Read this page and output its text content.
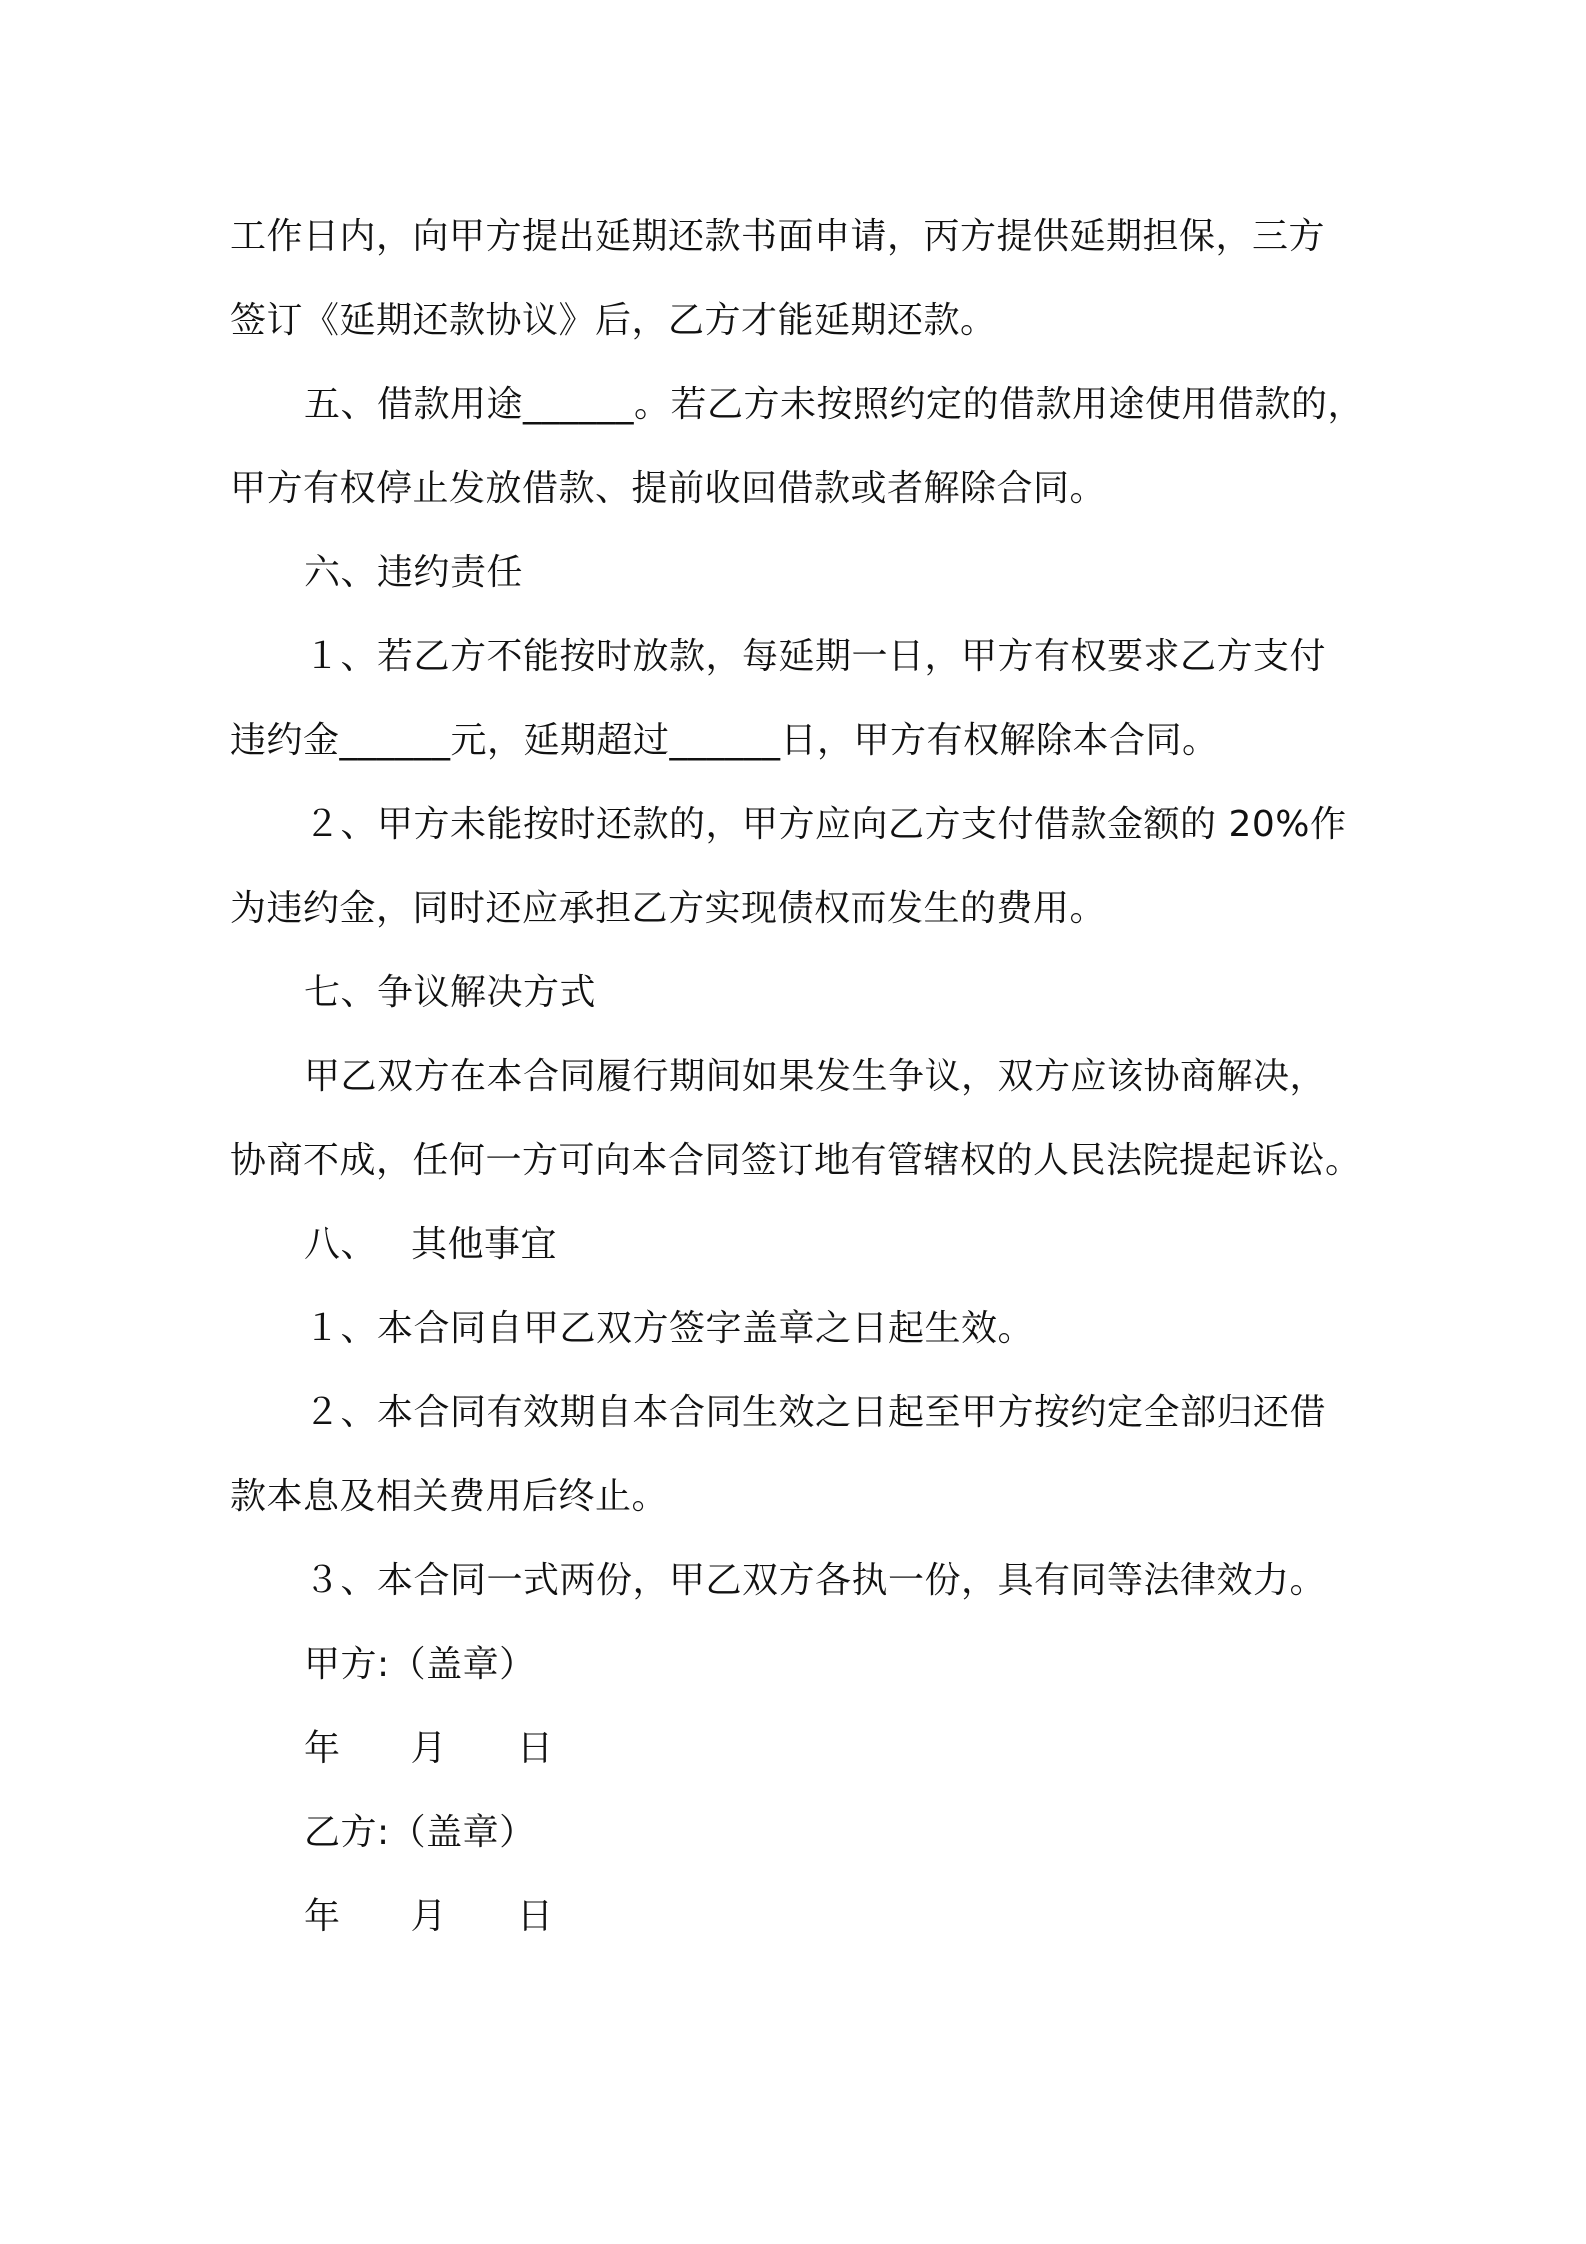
工作日内，向甲方提出延期还款书面申请，丙方提供延期担保，三方
签订《延期还款协议》后，乙方才能延期还款。
五、借款用途______。若乙方未按照约定的借款用途使用借款的，
甲方有权停止发放借款、提前收回借款或者解除合同。
六、违约责任
１、若乙方不能按时放款，每延期一日，甲方有权要求乙方支付
违约金______元，延期超过______日，甲方有权解除本合同。
２、甲方未能按时还款的，甲方应向乙方支付借款金额的 20%作
为违约金，同时还应承担乙方实现债权而发生的费用。
七、争议解决方式
甲乙双方在本合同履行期间如果发生争议，双方应该协商解决，
协商不成，任何一方可向本合同签订地有管辖权的人民法院提起诉讼。
八、 其他事宜
１、本合同自甲乙双方签字盖章之日起生效。
２、本合同有效期自本合同生效之日起至甲方按约定全部归还借
款本息及相关费用后终止。
３、本合同一式两份，甲乙双方各执一份，具有同等法律效力。
甲方:（盖章）
年 月 日
乙方:（盖章）
年 月 日
